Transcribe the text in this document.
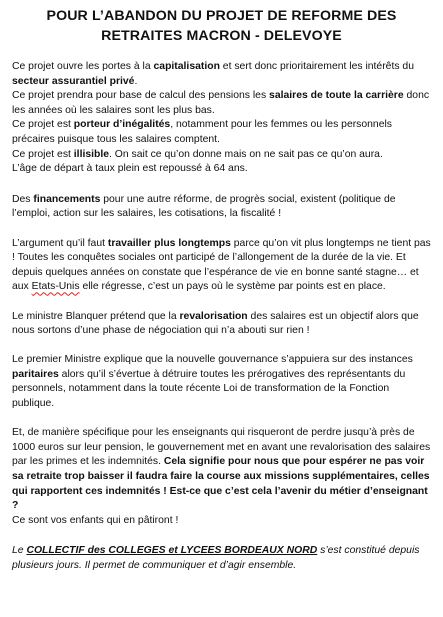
POUR L’ABANDON DU PROJET DE REFORME DES
RETRAITES MACRON - DELEVOYE

Ce projet ouvre les portes à la capitalisation et sert donc prioritairement les intérêts du secteur assurantiel privé.

Ce projet prendra pour base de calcul des pensions les salaires de toute la carrière donc les années où les salaires sont les plus bas.

Ce projet est porteur d’inégalités, notamment pour les femmes ou les personnels précaires puisque tous les salaires comptent.

Ce projet est illisible. On sait ce qu’on donne mais on ne sait pas ce qu’on aura.

L’âge de départ à taux plein est repoussé à 64 ans.

Des financements pour une autre réforme, de progrès social, existent (politique de l’emploi, action sur les salaires, les cotisations, la fiscalité !

L’argument qu’il faut travailler plus longtemps parce qu’on vit plus longtemps ne tient pas ! Toutes les conquêtes sociales ont participé de l’allongement de la durée de la vie. Et depuis quelques années on constate que l’espérance de vie en bonne santé stagne… et aux Etats-Unis elle régresse, c’est un pays où le système par points est en place.

Le ministre Blanquer prétend que la revalorisation des salaires est un objectif alors que nous sortons d’une phase de négociation qui n’a abouti sur rien !

Le premier Ministre explique que la nouvelle gouvernance s’appuiera sur des instances paritaires alors qu’il s’évertue à détruire toutes les prérogatives des représentants du personnels, notamment dans la toute récente Loi de transformation de la Fonction publique.

Et, de manière spécifique pour les enseignants qui risqueront de perdre jusqu’à près de 1000 euros sur leur pension, le gouvernement met en avant une revalorisation des salaires par les primes et les indemnités. Cela signifie pour nous que pour espérer ne pas voir sa retraite trop baisser il faudra faire la course aux missions supplémentaires, celles qui rapportent ces indemnités ! Est-ce que c’est cela l’avenir du métier d’enseignant ?

Ce sont vos enfants qui en pâtiront !

Le COLLECTIF des COLLEGES et LYCEES BORDEAUX NORD s’est constitué depuis plusieurs jours. Il permet de communiquer et d’agir ensemble.
